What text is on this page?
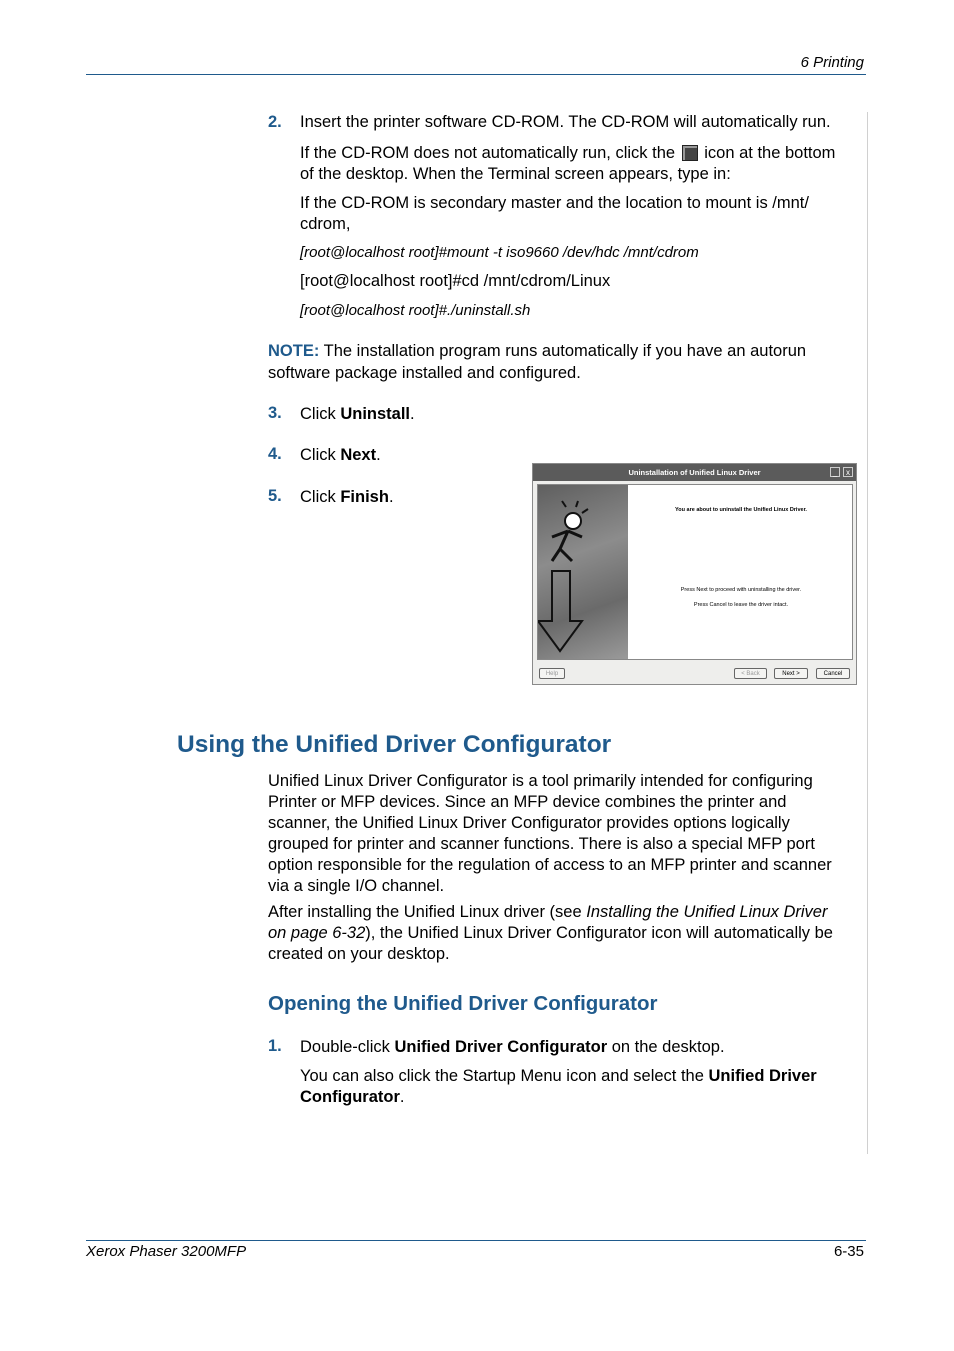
6 Printing
2. Insert the printer software CD-ROM. The CD-ROM will automatically run.
If the CD-ROM does not automatically run, click the icon at the bottom
of the desktop. When the Terminal screen appears, type in:
If the CD-ROM is secondary master and the location to mount is /mnt/
cdrom,
[root@localhost root]#mount -t iso9660 /dev/hdc /mnt/cdrom
[root@localhost root]#cd /mnt/cdrom/Linux
[root@localhost root]#./uninstall.sh
NOTE: The installation program runs automatically if you have an autorun
software package installed and configured.
3. Click Uninstall.
4. Click Next.
5. Click Finish.
Uninstallation of Unified Linux Driver	_	x
You are about to uninstall the Unified Linux Driver.
Press Next to proceed with uninstalling the driver.
Press Cancel to leave the driver intact.
Help	< Back	Next >	Cancel
Using the Unified Driver Configurator
Unified Linux Driver Configurator is a tool primarily intended for configuring
Printer or MFP devices. Since an MFP device combines the printer and
scanner, the Unified Linux Driver Configurator provides options logically
grouped for printer and scanner functions. There is also a special MFP port
option responsible for the regulation of access to an MFP printer and scanner
via a single I/O channel.
After installing the Unified Linux driver (see Installing the Unified Linux Driver
on page 6-32), the Unified Linux Driver Configurator icon will automatically be
created on your desktop.
Opening the Unified Driver Configurator
1. Double-click Unified Driver Configurator on the desktop.
You can also click the Startup Menu icon and select the Unified Driver
Configurator.
Xerox Phaser 3200MFP	6-35
